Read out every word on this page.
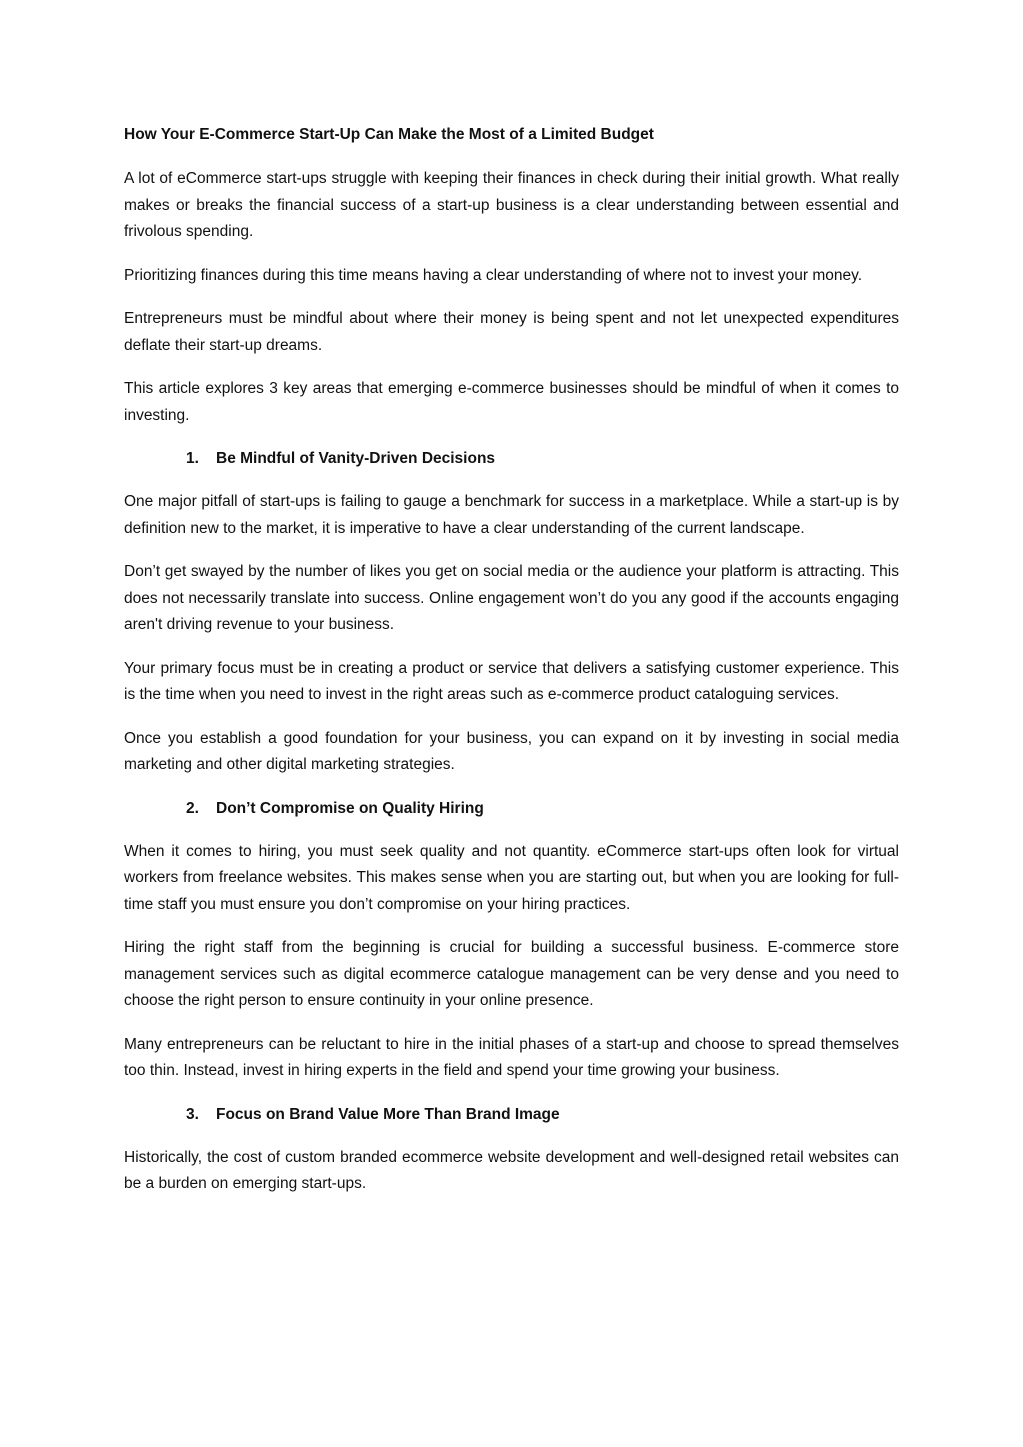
How Your E-Commerce Start-Up Can Make the Most of a Limited Budget

A lot of eCommerce start-ups struggle with keeping their finances in check during their initial growth. What really makes or breaks the financial success of a start-up business is a clear understanding between essential and frivolous spending.

Prioritizing finances during this time means having a clear understanding of where not to invest your money.

Entrepreneurs must be mindful about where their money is being spent and not let unexpected expenditures deflate their start-up dreams.

This article explores 3 key areas that emerging e-commerce businesses should be mindful of when it comes to investing.

1.	Be Mindful of Vanity-Driven Decisions

One major pitfall of start-ups is failing to gauge a benchmark for success in a marketplace. While a start-up is by definition new to the market, it is imperative to have a clear understanding of the current landscape.

Don’t get swayed by the number of likes you get on social media or the audience your platform is attracting. This does not necessarily translate into success. Online engagement won’t do you any good if the accounts engaging aren't driving revenue to your business.

Your primary focus must be in creating a product or service that delivers a satisfying customer experience. This is the time when you need to invest in the right areas such as e-commerce product cataloguing services.

Once you establish a good foundation for your business, you can expand on it by investing in social media marketing and other digital marketing strategies.

2.	Don’t Compromise on Quality Hiring

When it comes to hiring, you must seek quality and not quantity. eCommerce start-ups often look for virtual workers from freelance websites. This makes sense when you are starting out, but when you are looking for full-time staff you must ensure you don’t compromise on your hiring practices.

Hiring the right staff from the beginning is crucial for building a successful business. E-commerce store management services such as digital ecommerce catalogue management can be very dense and you need to choose the right person to ensure continuity in your online presence.

Many entrepreneurs can be reluctant to hire in the initial phases of a start-up and choose to spread themselves too thin. Instead, invest in hiring experts in the field and spend your time growing your business.

3.	Focus on Brand Value More Than Brand Image

Historically, the cost of custom branded ecommerce website development and well-designed retail websites can be a burden on emerging start-ups.
